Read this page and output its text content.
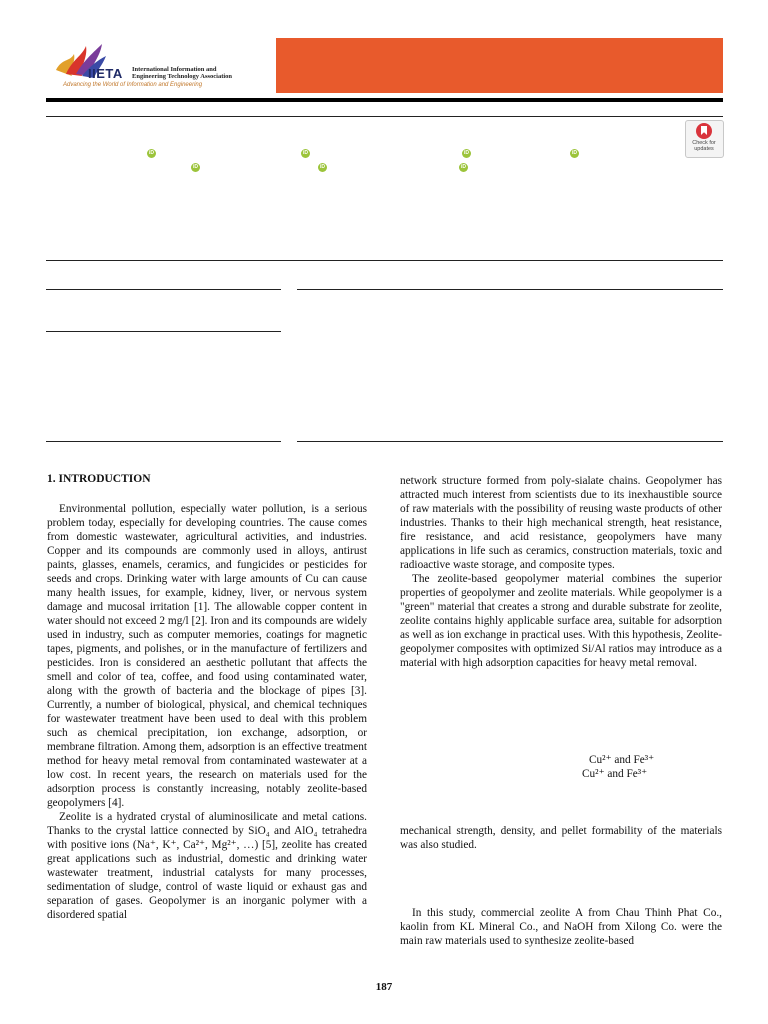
IIETA International Information and
Engineering Technology Association
Advancing the World of Information and Engineering
Check for updates
iD	iD	iD	iD
iD	iD	iD
1. INTRODUCTION

Environmental pollution, especially water pollution, is a serious problem today, especially for developing countries. The cause comes from domestic wastewater, agricultural activities, and industries. Copper and its compounds are commonly used in alloys, antirust paints, glasses, enamels, ceramics, and fungicides or pesticides for seeds and crops. Drinking water with large amounts of Cu can cause many health issues, for example, kidney, liver, or nervous system damage and mucosal irritation [1]. The allowable copper content in water should not exceed 2 mg/l [2]. Iron and its compounds are widely used in industry, such as computer memories, coatings for magnetic tapes, pigments, and polishes, or in the manufacture of fertilizers and pesticides. Iron is considered an aesthetic pollutant that affects the smell and color of tea, coffee, and food using contaminated water, along with the growth of bacteria and the blockage of pipes [3]. Currently, a number of biological, physical, and chemical techniques for wastewater treatment have been used to deal with this problem such as chemical precipitation, ion exchange, adsorption, or membrane filtration. Among them, adsorption is an effective treatment method for heavy metal removal from contaminated wastewater at a low cost. In recent years, the research on materials used for the adsorption process is constantly increasing, notably zeolite-based geopolymers [4].

Zeolite is a hydrated crystal of aluminosilicate and metal cations. Thanks to the crystal lattice connected by SiO₄ and AlO₄ tetrahedra with positive ions (Na⁺, K⁺, Ca²⁺, Mg²⁺, …) [5], zeolite has created great applications such as industrial, domestic and drinking water wastewater treatment, industrial catalysts for many processes, sedimentation of sludge, control of waste liquid or exhaust gas and separation of gases. Geopolymer is an inorganic polymer with a disordered spatial

network structure formed from poly-sialate chains. Geopolymer has attracted much interest from scientists due to its inexhaustible source of raw materials with the possibility of reusing waste products of other industries. Thanks to their high mechanical strength, heat resistance, fire resistance, and acid resistance, geopolymers have many applications in life such as ceramics, construction materials, toxic and radioactive waste storage, and composite types.

The zeolite-based geopolymer material combines the superior properties of geopolymer and zeolite materials. While geopolymer is a "green" material that creates a strong and durable substrate for zeolite, zeolite contains highly applicable surface area, suitable for adsorption as well as ion exchange in practical uses. With this hypothesis, Zeolite-geopolymer composites with optimized Si/Al ratios may introduce as a material with high adsorption capacities for heavy metal removal.

Cu²⁺ and Fe³⁺
Cu²⁺ and Fe³⁺

mechanical strength, density, and pellet formability of the materials was also studied.

In this study, commercial zeolite A from Chau Thinh Phat Co., kaolin from KL Mineral Co., and NaOH from Xilong Co. were the main raw materials used to synthesize zeolite-based

187
